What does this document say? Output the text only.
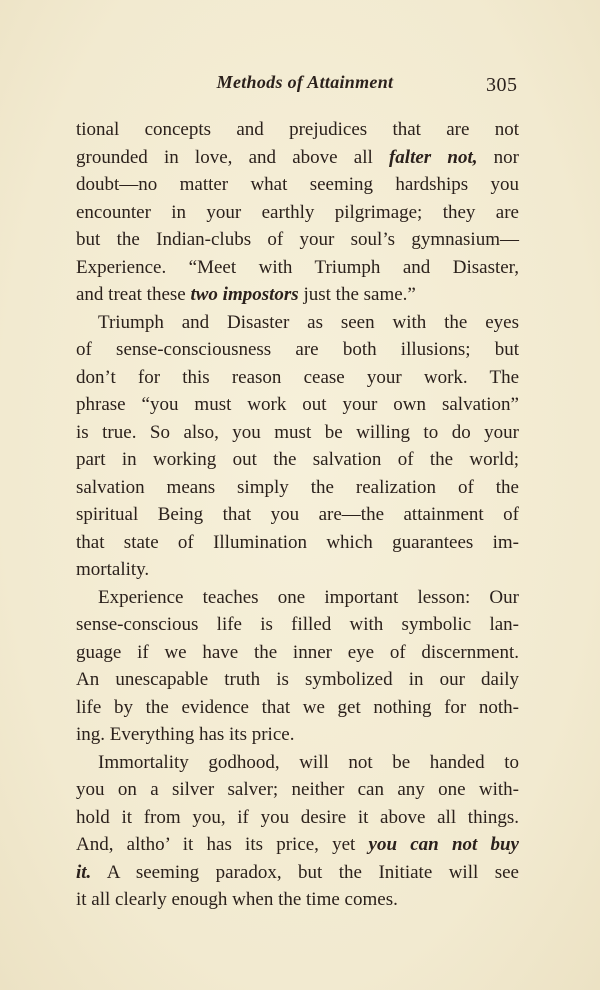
Methods of Attainment	305
tional concepts and prejudices that are not
grounded in love, and above all falter not, nor
doubt—no matter what seeming hardships you
encounter in your earthly pilgrimage; they are
but the Indian-clubs of your soul’s gymnasium—
Experience. “Meet with Triumph and Disaster,
and treat these two impostors just the same.”
Triumph and Disaster as seen with the eyes
of sense-consciousness are both illusions; but
don’t for this reason cease your work. The
phrase “you must work out your own salvation”
is true. So also, you must be willing to do your
part in working out the salvation of the world;
salvation means simply the realization of the
spiritual Being that you are—the attainment of
that state of Illumination which guarantees im-
mortality.
Experience teaches one important lesson: Our
sense-conscious life is filled with symbolic lan-
guage if we have the inner eye of discernment.
An unescapable truth is symbolized in our daily
life by the evidence that we get nothing for noth-
ing. Everything has its price.
Immortality godhood, will not be handed to
you on a silver salver; neither can any one with-
hold it from you, if you desire it above all things.
And, altho’ it has its price, yet you can not buy
it. A seeming paradox, but the Initiate will see
it all clearly enough when the time comes.
